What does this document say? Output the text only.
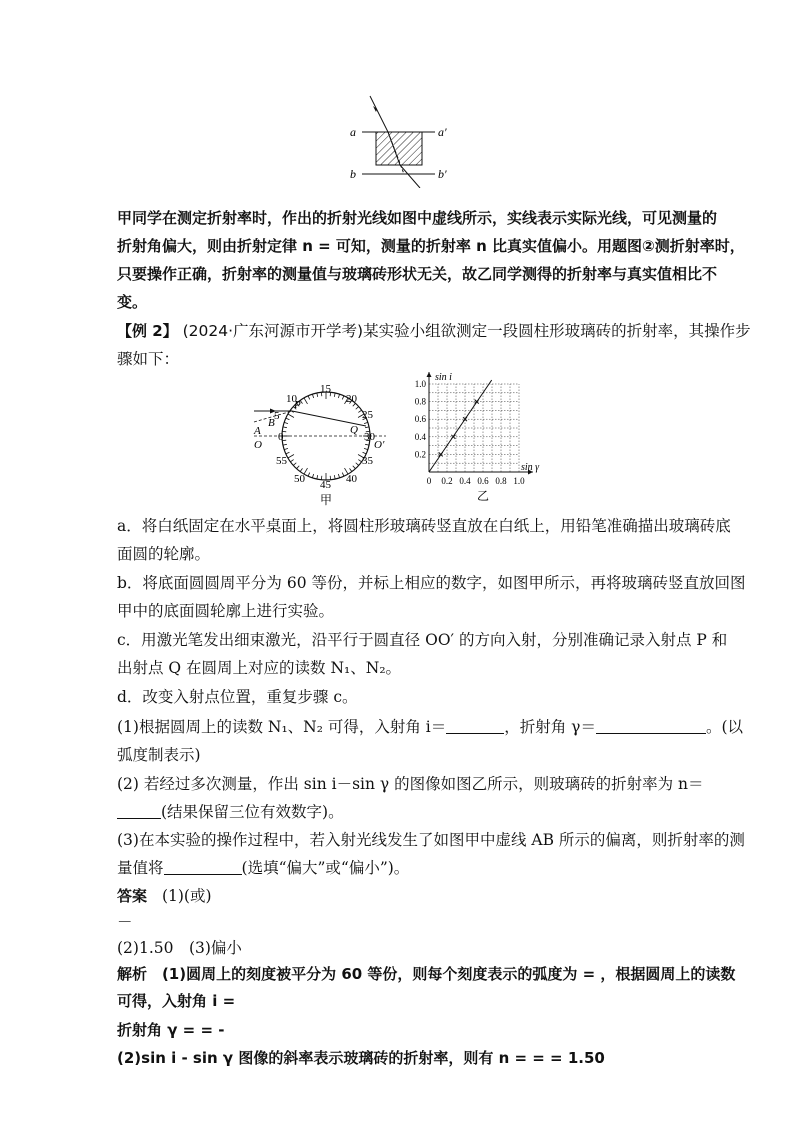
a	a′
b	b′
甲同学在测定折射率时，作出的折射光线如图中虚线所示，实线表示实际光线，可见测量的
折射角偏大，则由折射定律 n = 可知，测量的折射率 n 比真实值偏小。用题图②测折射率时，
只要操作正确，折射率的测量值与玻璃砖形状无关，故乙同学测得的折射率与真实值相比不
变。
【例 2】 (2024·广东河源市开学考)某实验小组欲测定一段圆柱形玻璃砖的折射率，其操作步
骤如下：
15
10
5
0
55
50 45 40
35
30
25
20
A
B
P
Q
O	O′
甲
1.0
0.8
0.6
0.4
0.2
0 0.2 0.4 0.6 0.8 1.0
sin i
sin γ
乙
a．将白纸固定在水平桌面上，将圆柱形玻璃砖竖直放在白纸上，用铅笔准确描出玻璃砖底
面圆的轮廓。
b．将底面圆圆周平分为 60 等份，并标上相应的数字，如图甲所示，再将玻璃砖竖直放回图
甲中的底面圆轮廓上进行实验。
c．用激光笔发出细束激光，沿平行于圆直径 OO′ 的方向入射，分别准确记录入射点 P 和
出射点 Q 在圆周上对应的读数 N₁、N₂。
d．改变入射点位置，重复步骤 c。
(1)根据圆周上的读数 N₁、N₂ 可得，入射角 i＝	，折射角 γ＝	。(以
弧度制表示)
(2) 若经过多次测量，作出 sin i－sin γ 的图像如图乙所示，则玻璃砖的折射率为 n＝
(结果保留三位有效数字)。
(3)在本实验的操作过程中，若入射光线发生了如图甲中虚线 AB 所示的偏离，则折射率的测
量值将	(选填“偏大”或“偏小”)。
答案 (1)(或)
－
(2)1.50　(3)偏小
解析 (1)圆周上的刻度被平分为 60 等份，则每个刻度表示的弧度为 = ，根据圆周上的读数
可得，入射角 i =
折射角 γ = = -
(2)sin i - sin γ 图像的斜率表示玻璃砖的折射率，则有 n = = = 1.50
